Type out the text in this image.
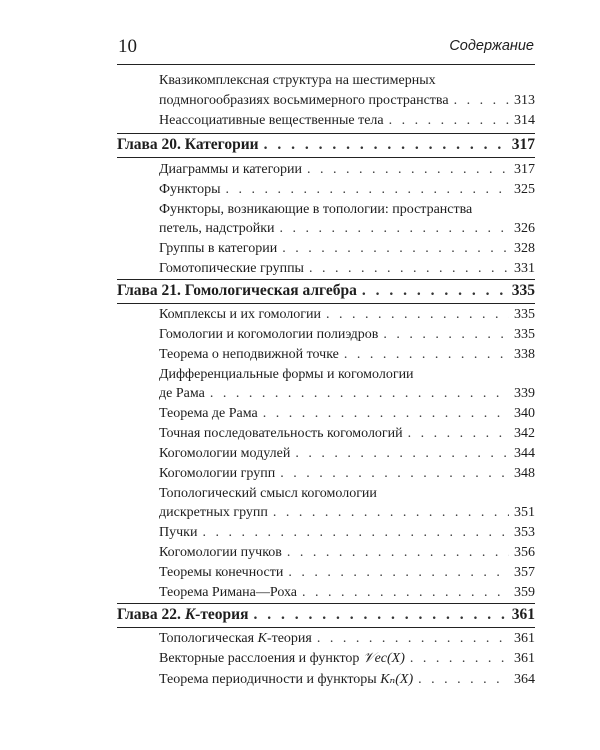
10	Содержание
Квазикомплексная структура на шестимерных
подмногообразиях восьмимерного пространства . . .	313
Неассоциативные вещественные тела . . .	314
Глава 20. Категории . . .	317
Диаграммы и категории . . .	317
Функторы . . .	325
Функторы, возникающие в топологии: пространства
петель, надстройки . . .	326
Группы в категории . . .	328
Гомотопические группы . . .	331
Глава 21. Гомологическая алгебра . . .	335
Комплексы и их гомологии . . .	335
Гомологии и когомологии полиэдров . . .	335
Теорема о неподвижной точке . . .	338
Дифференциальные формы и когомологии
де Рама . . .	339
Теорема де Рама . . .	340
Точная последовательность когомологий . . .	342
Когомологии модулей . . .	344
Когомологии групп . . .	348
Топологический смысл когомологии
дискретных групп . . .	351
Пучки . . .	353
Когомологии пучков . . .	356
Теоремы конечности . . .	357
Теорема Римана—Роха . . .	359
Глава 22. K-теория . . .	361
Топологическая K-теория . . .	361
Векторные расслоения и функтор 𝒱ec(X) . . .	361
Теорема периодичности и функторы Kₙ(X) . . .	364
